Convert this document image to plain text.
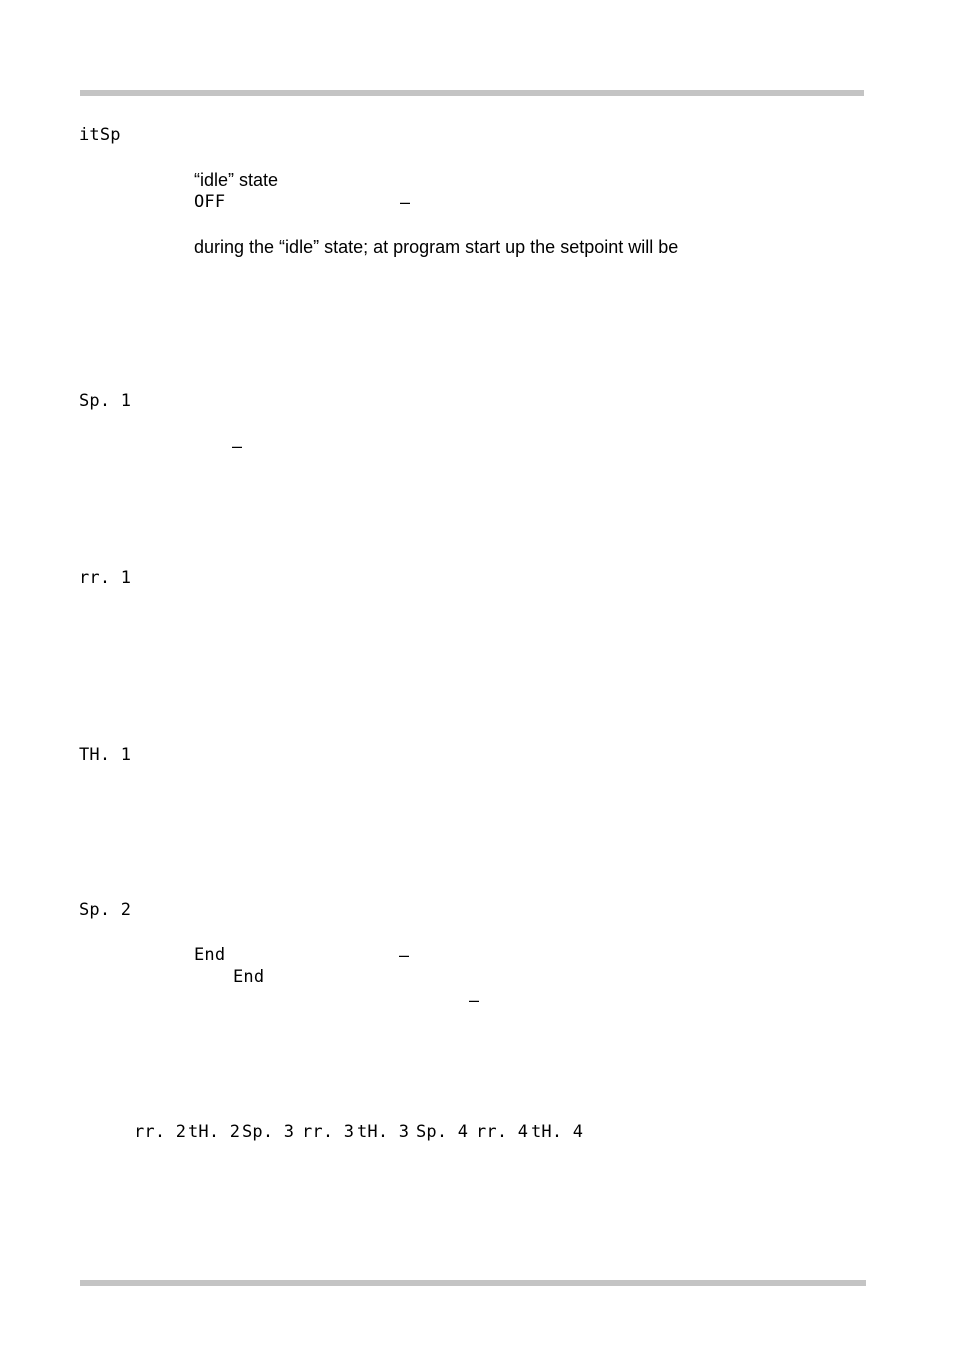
itSp
“idle” state
OFF	–
during the “idle” state; at program start up the setpoint will be
Sp. 1
–
rr. 1
TH. 1
Sp. 2
End	–
End
–
rr. 2 tH. 2 Sp. 3 rr. 3 tH. 3 Sp. 4 rr. 4 tH. 4
